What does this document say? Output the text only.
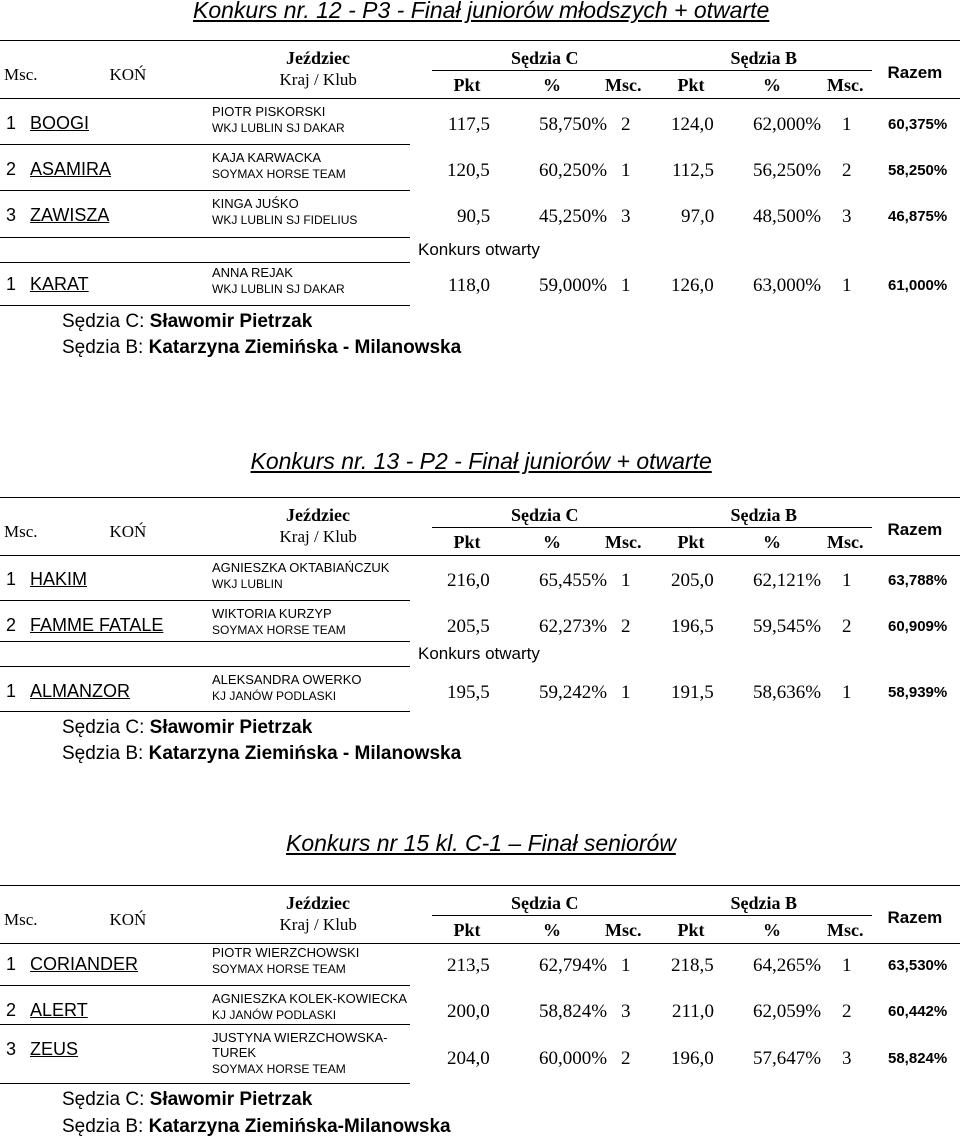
Konkurs nr. 12 - P3 - Finał juniorów młodszych + otwarte
Msc.	KOŃ
Jeździec
Kraj / Klub
Sędzia C	Sędzia B
Pkt	% Msc. Pkt	%	Msc.
Razem
1 BOOGI
PIOTR PISKORSKI
WKJ LUBLIN SJ DAKAR	117,5	58,750% 2 124,0 62,000% 1 60,375%
2 ASAMIRA
KAJA KARWACKA
SOYMAX HORSE TEAM	120,5	60,250% 1 112,5 56,250% 2 58,250%
3 ZAWISZA
KINGA JUŚKO
WKJ LUBLIN SJ FIDELIUS	90,5	45,250% 3	97,0 48,500% 3 46,875%
Konkurs otwarty
1 KARAT
ANNA REJAK
WKJ LUBLIN SJ DAKAR	118,0	59,000% 1 126,0 63,000% 1 61,000%
Sędzia C: Sławomir Pietrzak
Sędzia B: Katarzyna Ziemińska - Milanowska
Konkurs nr. 13 - P2 - Finał juniorów + otwarte
Msc.	KOŃ
Jeździec
Kraj / Klub
Sędzia C	Sędzia B
Pkt	% Msc. Pkt	%	Msc.
Razem
1 HAKIM
AGNIESZKA OKTABIAŃCZUK
WKJ LUBLIN	216,0	65,455% 1 205,0 62,121% 1 63,788%
2 FAMME FATALE
WIKTORIA KURZYP
SOYMAX HORSE TEAM	205,5	62,273% 2 196,5 59,545% 2 60,909%
Konkurs otwarty
1 ALMANZOR
ALEKSANDRA OWERKO
KJ JANÓW PODLASKI	195,5	59,242% 1 191,5 58,636% 1 58,939%
Sędzia C: Sławomir Pietrzak
Sędzia B: Katarzyna Ziemińska - Milanowska
Konkurs nr 15 kl. C-1 – Finał seniorów
Msc.	KOŃ
Jeździec
Kraj / Klub
Sędzia C	Sędzia B
Pkt	% Msc. Pkt	%	Msc.
Razem
1 CORIANDER
PIOTR WIERZCHOWSKI
SOYMAX HORSE TEAM	213,5	62,794% 1 218,5 64,265% 1 63,530%
2 ALERT
AGNIESZKA KOLEK-KOWIECKA
KJ JANÓW PODLASKI	200,0	58,824% 3 211,0 62,059% 2 60,442%
3 ZEUS
JUSTYNA WIERZCHOWSKA-
TUREK
SOYMAX HORSE TEAM	204,0	60,000% 2 196,0 57,647% 3 58,824%
Sędzia C: Sławomir Pietrzak
Sędzia B: Katarzyna Ziemińska-Milanowska
